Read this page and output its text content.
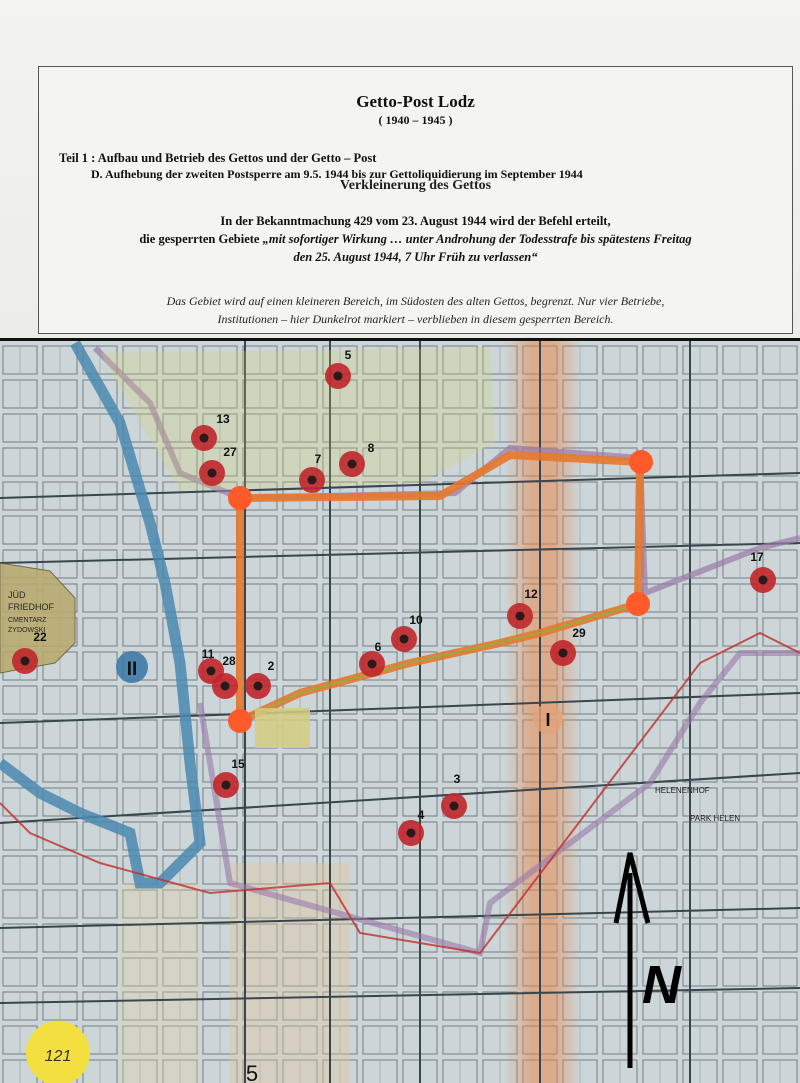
Getto-Post Lodz
( 1940 – 1945 )
Teil 1 : Aufbau und Betrieb des Gettos und der Getto – Post
D. Aufhebung der zweiten Postsperre am 9.5. 1944 bis zur Gettoliquidierung im September 1944
Verkleinerung des Gettos
In der Bekanntmachung 429 vom 23. August 1944 wird der Befehl erteilt,
die gesperrten Gebiete „mit sofortiger Wirkung … unter Androhung der Todesstrafe bis spätestens Freitag
den 25. August 1944, 7 Uhr Früh zu verlassen“
Das Gebiet wird auf einen kleineren Bereich, im Südosten des alten Gettos, begrenzt. Nur vier Betriebe,
Institutionen – hier Dunkelrot markiert – verblieben in diesem gesperrten Bereich.
JÜD
FRIEDHOF
CMENTARZ
ŻYDOWSKI
II
I
HELENENHOF
PARK HELEN
5
13
27	7
8
17
12
10
6
29
22
11 28	2
15
3
4
N
5
121
